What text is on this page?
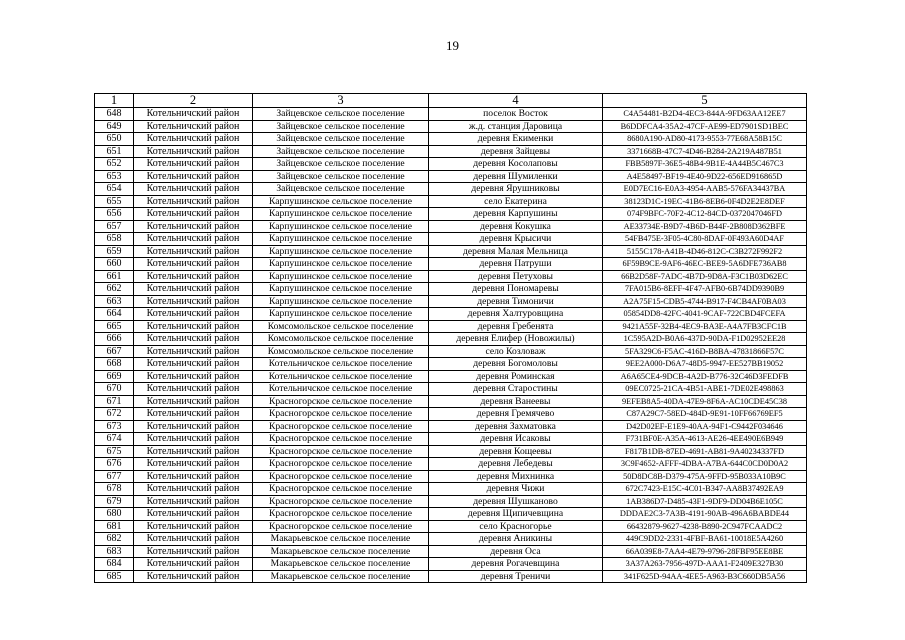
19
1	2	3	4	5
648	Котельничский район	Зайцевское сельское поселение	поселок Восток	C4A54481-B2D4-4EC3-844A-9FD63AA12EE7
649	Котельничский район	Зайцевское сельское поселение	ж.д. станция Даровица	B6DDFCA4-35A2-47CF-AE99-ED7901SD1BEC
650	Котельничский район	Зайцевское сельское поселение	деревня Екименки	8680A190-AD80-4173-9553-77E68A58B15C
651	Котельничский район	Зайцевское сельское поселение	деревня Зайцевы	3371668B-47C7-4D46-B284-2A219A487B51
652	Котельничский район	Зайцевское сельское поселение	деревня Косолаповы	FBB5897F-36E5-48B4-9B1E-4A44B5C467C3
653	Котельничский район	Зайцевское сельское поселение	деревня Шумиленки	A4E58497-BF19-4E40-9D22-656ED916865D
654	Котельничский район	Зайцевское сельское поселение	деревня Ярушниковы	E0D7EC16-E0A3-4954-AAB5-576FA34437BA
655	Котельничский район	Карпушинское сельское поселение	село Екатерина	38123D1C-19EC-41B6-8EB6-0F4D2E2E8DEF
656	Котельничский район	Карпушинское сельское поселение	деревня Карпушины	074F9BFC-70F2-4C12-84CD-0372047046FD
657	Котельничский район	Карпушинское сельское поселение	деревня Кокушка	AE33734E-B9D7-4B6D-B44F-2B808D362BFE
658	Котельничский район	Карпушинское сельское поселение	деревня Крысичи	54FB475E-3F05-4C80-8DAF-0F493A60D4AF
659	Котельничский район	Карпушинское сельское поселение	деревня Малая Мельница	5155C178-A41B-4D46-812C-C3B272F992F2
660	Котельничский район	Карпушинское сельское поселение	деревня Патруши	6F59B9CE-9AF6-46EC-BEE9-5A6DFE736AB8
661	Котельничский район	Карпушинское сельское поселение	деревня Петуховы	66B2D58F-7ADC-4B7D-9D8A-F3C1B03D62EC
662	Котельничский район	Карпушинское сельское поселение	деревня Пономаревы	7FA015B6-8EFF-4F47-AFB0-6B74DD9390B9
663	Котельничский район	Карпушинское сельское поселение	деревня Тимоничи	A2A75F15-CDB5-4744-B917-F4CB4AF0BA03
664	Котельничский район	Карпушинское сельское поселение	деревня Халтуровщина	05854DD8-42FC-4041-9CAF-722CBD4FCEFA
665	Котельничский район	Комсомольское сельское поселение	деревня Гребенята	9421A55F-32B4-4EC9-BA3E-A4A7FB3CFC1B
666	Котельничский район	Комсомольское сельское поселение	деревня Елифер (Новожилы)	1C595A2D-B0A6-437D-90DA-F1D02952EE28
667	Котельничский район	Комсомольское сельское поселение	село Козловаж	5FA329C6-F5AC-416D-B8BA-47831866F57C
668	Котельничский район	Котельничское сельское поселение	деревня Богомоловы	9EE2A000-D6A7-48D5-9947-EE527BB19052
669	Котельничский район	Котельничское сельское поселение	деревня Роминская	A6A65CE4-9DCB-4A2D-B776-32C46D3FEDFB
670	Котельничский район	Котельничское сельское поселение	деревня Старостины	09EC0725-21CA-4B51-ABE1-7DE02E498863
671	Котельничский район	Красногорское сельское поселение	деревня Ванеевы	9EFEB8A5-40DA-47E9-8F6A-AC10CDE45C38
672	Котельничский район	Красногорское сельское поселение	деревня Гремячево	C87A29C7-58ED-484D-9E91-10FF66769EF5
673	Котельничский район	Красногорское сельское поселение	деревня Захматовка	D42D02EF-E1E9-40AA-94F1-C9442F034646
674	Котельничский район	Красногорское сельское поселение	деревня Исаковы	F731BF0E-A35A-4613-AE26-4EE490E6B949
675	Котельничский район	Красногорское сельское поселение	деревня Кощеевы	F817B1DB-87ED-4691-AB81-9A40234337FD
676	Котельничский район	Красногорское сельское поселение	деревня Лебедевы	3C9F4652-AFFF-4DBA-A7BA-644C0CD0D0A2
677	Котельничский район	Красногорское сельское поселение	деревня Михнинка	50D8DC8B-D379-475A-9FFD-95B033A10B9C
678	Котельничский район	Красногорское сельское поселение	деревня Чижи	672C7423-E15C-4C01-B347-AA8B37492EA9
679	Котельничский район	Красногорское сельское поселение	деревня Шушканово	1AB386D7-D485-43F1-9DF9-DD04B6E105C
680	Котельничский район	Красногорское сельское поселение	деревня Щипичевщина	DDDAE2C3-7A3B-4191-90AB-496A6BABDE44
681	Котельничский район	Красногорское сельское поселение	село Красногорье	66432879-9627-4238-B890-2C947FCAADC2
682	Котельничский район	Макарьевское сельское поселение	деревня Аникины	449C9DD2-2331-4FBF-BA61-10018E5A4260
683	Котельничский район	Макарьевское сельское поселение	деревня Оса	66A039E8-7AA4-4E79-9796-28FBF95EE8BE
684	Котельничский район	Макарьевское сельское поселение	деревня Рогачевщина	3A37A263-7956-497D-AAA1-F2409E327B30
685	Котельничский район	Макарьевское сельское поселение	деревня Треничи	341F625D-94AA-4EE5-A963-B3C660DB5A56
